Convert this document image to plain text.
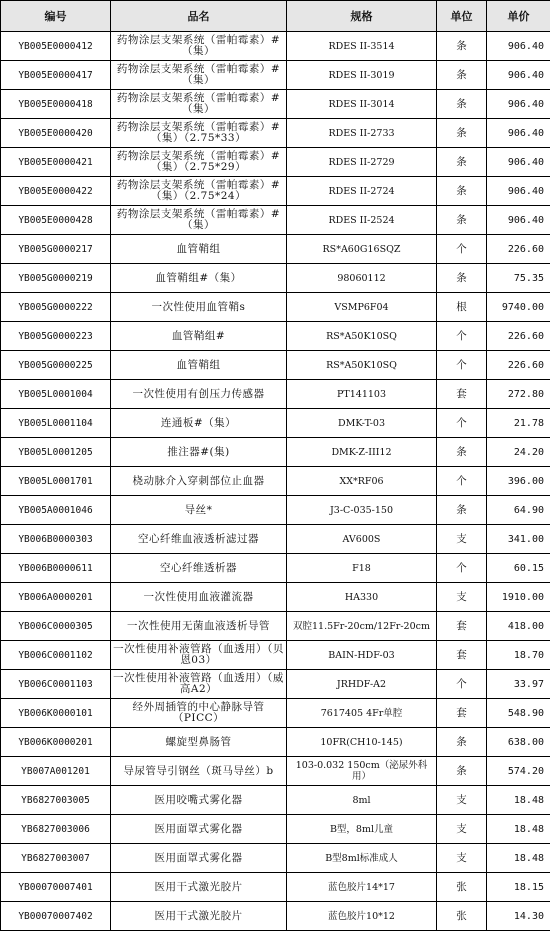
编号	品名	规格	单位	单价
YB005E0000412	药物涂层支架系统（雷帕霉素）#（集）	RDES II-3514	条	906.40
YB005E0000417	药物涂层支架系统（雷帕霉素）#（集）	RDES II-3019	条	906.40
YB005E0000418	药物涂层支架系统（雷帕霉素）#（集）	RDES II-3014	条	906.40
YB005E0000420	药物涂层支架系统（雷帕霉素）#（集）（2.75*33）	RDES II-2733	条	906.40
YB005E0000421	药物涂层支架系统（雷帕霉素）#（集）（2.75*29）	RDES II-2729	条	906.40
YB005E0000422	药物涂层支架系统（雷帕霉素）#（集）（2.75*24）	RDES II-2724	条	906.40
YB005E0000428	药物涂层支架系统（雷帕霉素）#（集）	RDES II-2524	条	906.40
YB005G0000217	血管鞘组	RS*A60G16SQZ	个	226.60
YB005G0000219	血管鞘组#（集）	98060112	条	75.35
YB005G0000222	一次性使用血管鞘s	VSMP6F04	根	9740.00
YB005G0000223	血管鞘组#	RS*A50K10SQ	个	226.60
YB005G0000225	血管鞘组	RS*A50K10SQ	个	226.60
YB005L0001004	一次性使用有创压力传感器	PT141103	套	272.80
YB005L0001104	连通板#（集）	DMK-T-03	个	21.78
YB005L0001205	推注器#(集)	DMK-Z-III12	条	24.20
YB005L0001701	桡动脉介入穿刺部位止血器	XX*RF06	个	396.00
YB005A0001046	导丝*	J3-C-035-150	条	64.90
YB006B0000303	空心纤维血液透析滤过器	AV600S	支	341.00
YB006B0000611	空心纤维透析器	F18	个	60.15
YB006A0000201	一次性使用血液灌流器	HA330	支	1910.00
YB006C0000305	一次性使用无菌血液透析导管	双腔11.5Fr-20cm/12Fr-20cm	套	418.00
YB006C0001102	一次性使用补液管路（血透用）（贝恩03）	BAIN-HDF-03	套	18.70
YB006C0001103	一次性使用补液管路（血透用）（威高A2）	JRHDF-A2	个	33.97
YB006K0000101	经外周插管的中心静脉导管（PICC）	7617405 4Fr单腔	套	548.90
YB006K0000201	螺旋型鼻肠管	10FR(CH10-145)	条	638.00
YB007A001201	导尿管导引钢丝（斑马导丝）b	103-0.032 150cm（泌尿外科用）	条	574.20
YB6827003005	医用咬嘴式雾化器	8ml	支	18.48
YB6827003006	医用面罩式雾化器	B型，8ml儿童	支	18.48
YB6827003007	医用面罩式雾化器	B型8ml标准成人	支	18.48
YB00070007401	医用干式激光胶片	蓝色胶片14*17	张	18.15
YB00070007402	医用干式激光胶片	蓝色胶片10*12	张	14.30
